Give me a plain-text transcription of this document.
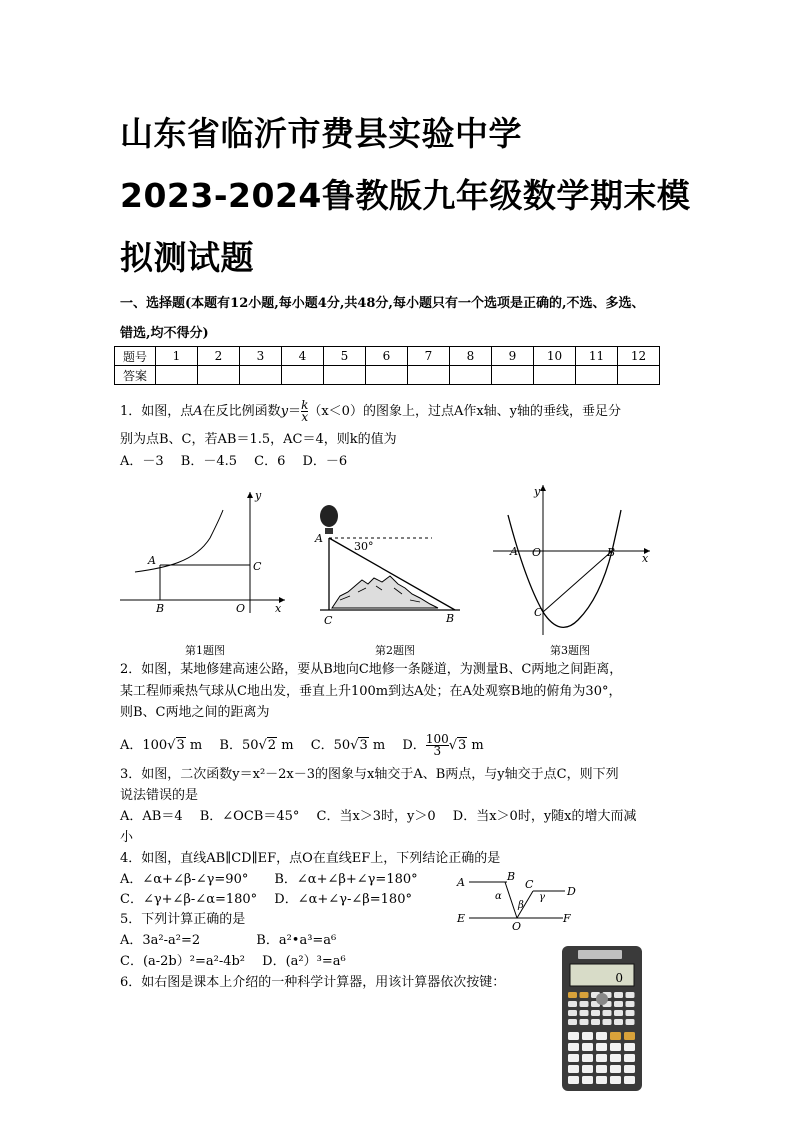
山东省临沂市费县实验中学
2023-2024鲁教版九年级数学期末模
拟测试题
一、选择题(本题有12小题,每小题4分,共48分,每小题只有一个选项是正确的,不选、多选、
错选,均不得分)
题号	1	2	3	4	5	6	7	8	9	10	11	12
答案												
1．如图，点A在反比例函数$y=\frac{k}{x} (x<0)$的图象上，过点A作x轴、y轴的垂线，垂足分
别为点B、C，若AB＝1.5，AC＝4，则k的值为
A．－3　 B．－4.5　 C．6　 D．－6
A	C
B	O	x
y
第1题图
30°
A
C	B
第2题图
A O	B
C
x
y
第3题图
2．如图，某地修建高速公路，要从B地向C地修一条隧道，为测量B、C两地之间距离，
某工程师乘热气球从C地出发，垂直上升100m到达A处；在A处观察B地的俯角为30°，
则B、C两地之间的距离为
A．100√3 m　 B．50√2 m　 C．50√3 m　 D．$\frac{100}{3} √3$ m
3．如图，二次函数y＝x²－2x－3的图象与x轴交于A、B两点，与y轴交于点C，则下列
说法错误的是
A．AB＝4　 B．∠OCB＝45°　 C．当x＞3时，y＞0　 D．当x＞0时，y随x的增大而减
小
4．如图，直线AB∥CD∥EF，点O在直线EF上，下列结论正确的是
A．∠α+∠β-∠γ=90°　　B．∠α+∠β+∠γ=180°
C．∠γ+∠β-∠α=180°　 D．∠α+∠γ-∠β=180°
A	B
C
D
E	F
O
α
β
γ
5．下列计算正确的是
A．3a²-a²=2　　　　 B．a²•a³=a⁶
C．(a-2b）²=a²-4b²　 D．(a²）³=a⁶
6．如右图是课本上介绍的一种科学计算器，用该计算器依次按键：	0
